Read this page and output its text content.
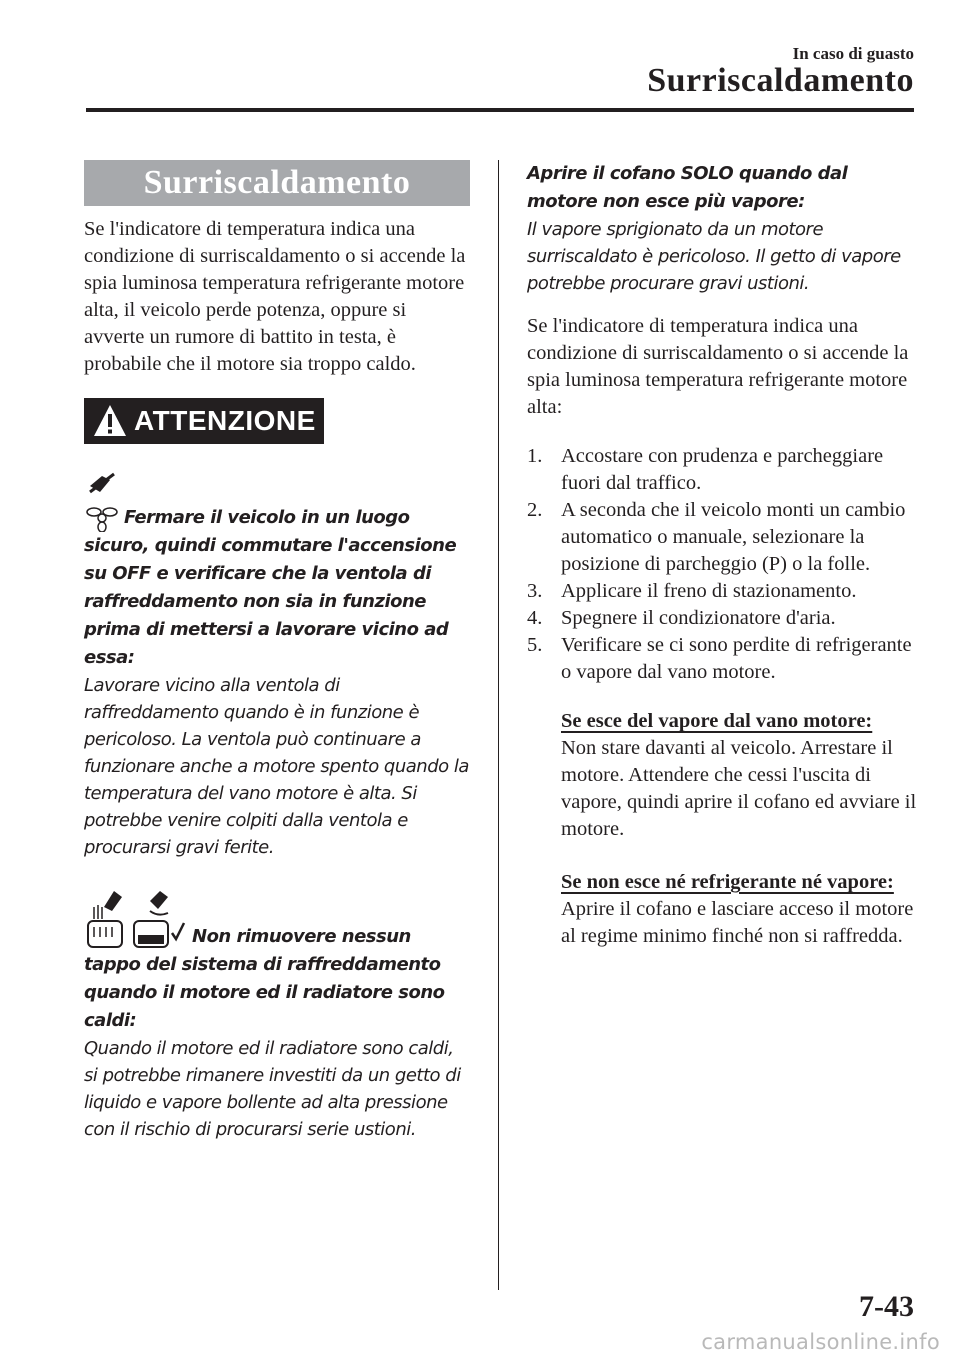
In caso di guasto
Surriscaldamento
Surriscaldamento

Se l'indicatore di temperatura indica una condizione di surriscaldamento o si accende la spia luminosa temperatura refrigerante motore alta, il veicolo perde potenza, oppure si avverte un rumore di battito in testa, è probabile che il motore sia troppo caldo.

ATTENZIONE
Fermare il veicolo in un luogo sicuro, quindi commutare l'accensione su OFF e verificare che la ventola di raffreddamento non sia in funzione prima di mettersi a lavorare vicino ad essa:

Lavorare vicino alla ventola di raffreddamento quando è in funzione è pericoloso. La ventola può continuare a funzionare anche a motore spento quando la temperatura del vano motore è alta. Si potrebbe venire colpiti dalla ventola e procurarsi gravi ferite.

Non rimuovere nessun tappo del sistema di raffreddamento quando il motore ed il radiatore sono caldi:

Quando il motore ed il radiatore sono caldi, si potrebbe rimanere investiti da un getto di liquido e vapore bollente ad alta pressione con il rischio di procurarsi serie ustioni.

Aprire il cofano SOLO quando dal motore non esce più vapore:

Il vapore sprigionato da un motore surriscaldato è pericoloso. Il getto di vapore potrebbe procurare gravi ustioni.

Se l'indicatore di temperatura indica una condizione di surriscaldamento o si accende la spia luminosa temperatura refrigerante motore alta:

1. Accostare con prudenza e parcheggiare fuori dal traffico.
2. A seconda che il veicolo monti un cambio automatico o manuale, selezionare la posizione di parcheggio (P) o la folle.
3. Applicare il freno di stazionamento.
4. Spegnere il condizionatore d'aria.
5. Verificare se ci sono perdite di refrigerante o vapore dal vano motore.
Se esce del vapore dal vano motore:

Non stare davanti al veicolo. Arrestare il motore. Attendere che cessi l'uscita di vapore, quindi aprire il cofano ed avviare il motore.

Se non esce né refrigerante né vapore:

Aprire il cofano e lasciare acceso il motore al regime minimo finché non si raffredda.

7-43
carmanualsonline.info
